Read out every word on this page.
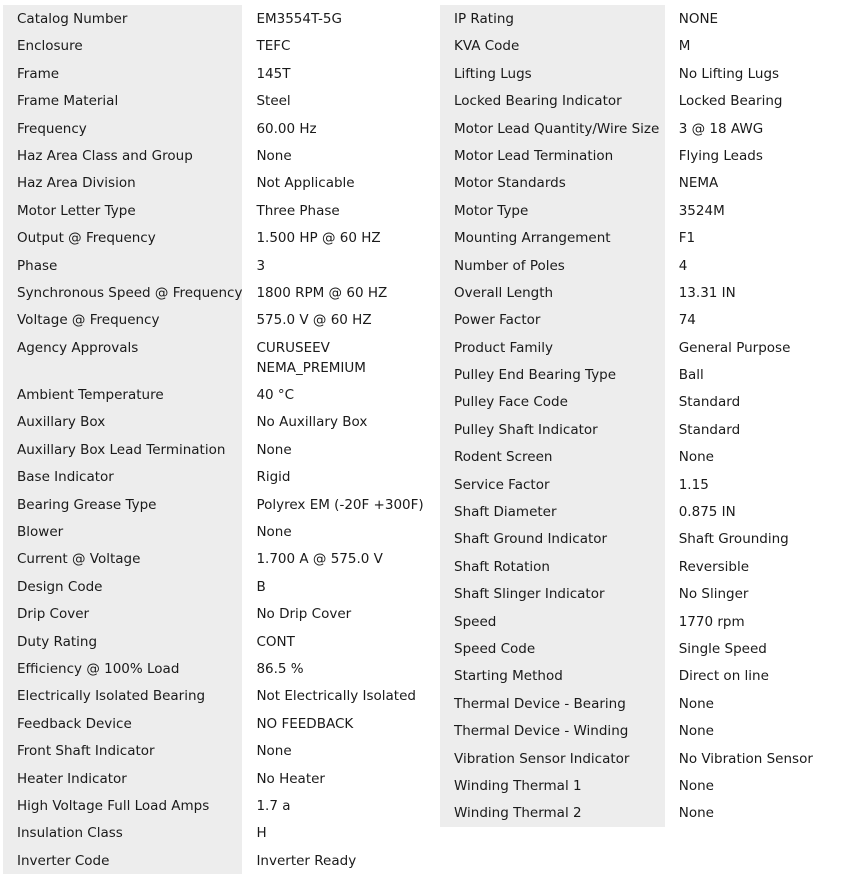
Catalog Number	EM3554T-5G
Enclosure	TEFC
Frame	145T
Frame Material	Steel
Frequency	60.00 Hz
Haz Area Class and Group	None
Haz Area Division	Not Applicable
Motor Letter Type	Three Phase
Output @ Frequency	1.500 HP @ 60 HZ
Phase	3
Synchronous Speed @ Frequency	1800 RPM @ 60 HZ
Voltage @ Frequency	575.0 V @ 60 HZ
Agency Approvals	CURUSEEV
NEMA_PREMIUM

Ambient Temperature	40 °C
Auxillary Box	No Auxillary Box
Auxillary Box Lead Termination	None
Base Indicator	Rigid
Bearing Grease Type	Polyrex EM (-20F +300F)
Blower	None
Current @ Voltage	1.700 A @ 575.0 V
Design Code	B
Drip Cover	No Drip Cover
Duty Rating	CONT
Efficiency @ 100% Load	86.5 %
Electrically Isolated Bearing	Not Electrically Isolated
Feedback Device	NO FEEDBACK
Front Shaft Indicator	None
Heater Indicator	No Heater
High Voltage Full Load Amps	1.7 a
Insulation Class	H
Inverter Code	Inverter Ready
IP Rating	NONE
KVA Code	M
Lifting Lugs	No Lifting Lugs
Locked Bearing Indicator	Locked Bearing
Motor Lead Quantity/Wire Size	3 @ 18 AWG
Motor Lead Termination	Flying Leads
Motor Standards	NEMA
Motor Type	3524M
Mounting Arrangement	F1
Number of Poles	4
Overall Length	13.31 IN
Power Factor	74
Product Family	General Purpose
Pulley End Bearing Type	Ball
Pulley Face Code	Standard
Pulley Shaft Indicator	Standard
Rodent Screen	None
Service Factor	1.15
Shaft Diameter	0.875 IN
Shaft Ground Indicator	Shaft Grounding
Shaft Rotation	Reversible
Shaft Slinger Indicator	No Slinger
Speed	1770 rpm
Speed Code	Single Speed
Starting Method	Direct on line
Thermal Device - Bearing	None
Thermal Device - Winding	None
Vibration Sensor Indicator	No Vibration Sensor
Winding Thermal 1	None
Winding Thermal 2	None
